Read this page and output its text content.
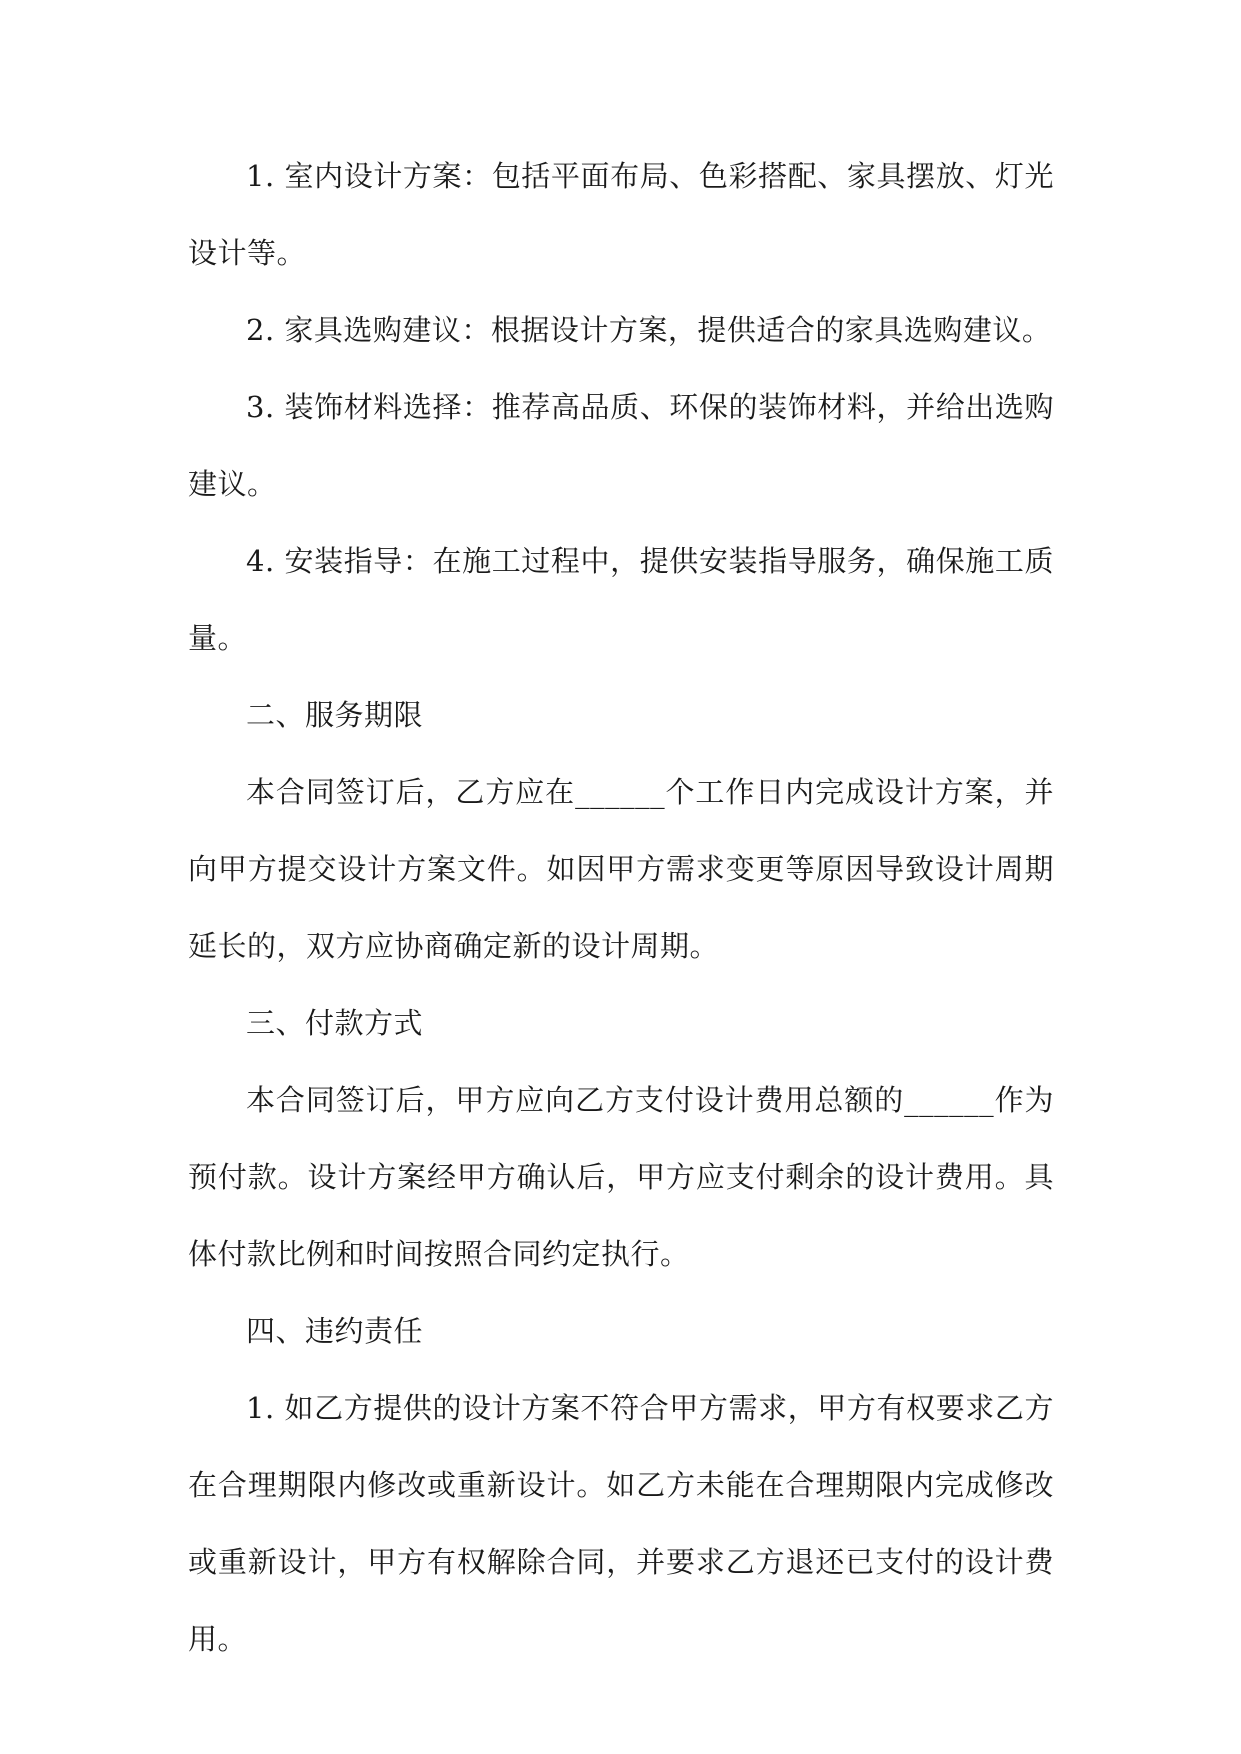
1. 室内设计方案：包括平面布局、色彩搭配、家具摆放、灯光设计等。

2. 家具选购建议：根据设计方案，提供适合的家具选购建议。

3. 装饰材料选择：推荐高品质、环保的装饰材料，并给出选购建议。

4. 安装指导：在施工过程中，提供安装指导服务，确保施工质量。

二、服务期限

本合同签订后，乙方应在______个工作日内完成设计方案，并向甲方提交设计方案文件。如因甲方需求变更等原因导致设计周期延长的，双方应协商确定新的设计周期。

三、付款方式

本合同签订后，甲方应向乙方支付设计费用总额的______作为预付款。设计方案经甲方确认后，甲方应支付剩余的设计费用。具体付款比例和时间按照合同约定执行。

四、违约责任

1. 如乙方提供的设计方案不符合甲方需求，甲方有权要求乙方在合理期限内修改或重新设计。如乙方未能在合理期限内完成修改或重新设计，甲方有权解除合同，并要求乙方退还已支付的设计费用。
